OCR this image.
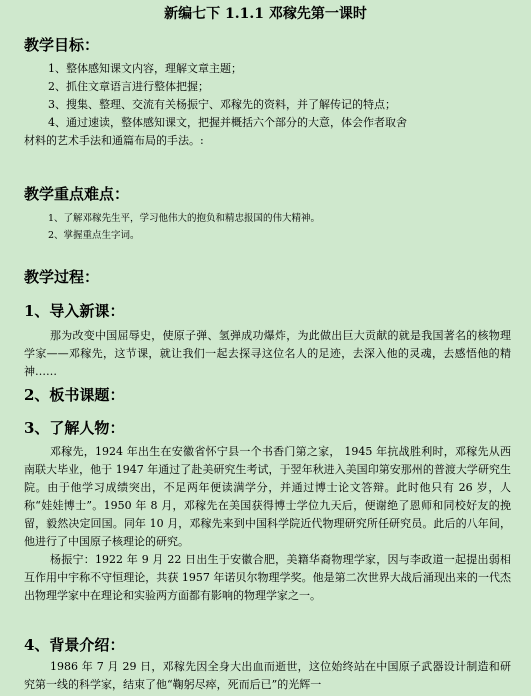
新编七下 1.1.1 邓稼先第一课时
教学目标：
1、整体感知课文内容，理解文章主题；
2、抓住文章语言进行整体把握；
3、搜集、整理、交流有关杨振宁、邓稼先的资料，并了解传记的特点；
4、通过速读，整体感知课文，把握并概括六个部分的大意，体会作者取舍
材料的艺术手法和通篇布局的手法。:
教学重点难点：
1、了解邓稼先生平，学习他伟大的抱负和精忠报国的伟大精神。
2、掌握重点生字词。
教学过程：
1、导入新课：

那为改变中国屈辱史，使原子弹、氢弹成功爆炸，为此做出巨大贡献的就是我国著名的核物理学家——邓稼先，这节课，就让我们一起去探寻这位名人的足迹，去深入他的灵魂，去感悟他的精神……

2、板书课题：
3、了解人物：

邓稼先，1924 年出生在安徽省怀宁县一个书香门第之家， 1945 年抗战胜利时，邓稼先从西南联大毕业，他于 1947 年通过了赴美研究生考试，于翌年秋进入美国印第安那州的普渡大学研究生院。由于他学习成绩突出，不足两年便读满学分，并通过博士论文答辩。此时他只有 26 岁，人称“娃娃博士”。1950 年 8 月，邓稼先在美国获得博士学位九天后，便谢绝了恩师和同校好友的挽留，毅然决定回国。同年 10 月，邓稼先来到中国科学院近代物理研究所任研究员。此后的八年间，他进行了中国原子核理论的研究。

杨振宁：1922 年 9 月 22 日出生于安徽合肥，美籍华裔物理学家，因与李政道一起提出弱相互作用中宇称不守恒理论，共获 1957 年诺贝尔物理学奖。他是第二次世界大战后涌现出来的一代杰出物理学家中在理论和实验两方面都有影响的物理学家之一。

4、背景介绍：

1986 年 7 月 29 日，邓稼先因全身大出血而逝世，这位始终站在中国原子武器设计制造和研究第一线的科学家，结束了他“鞠躬尽瘁，死而后已”的光辉一
